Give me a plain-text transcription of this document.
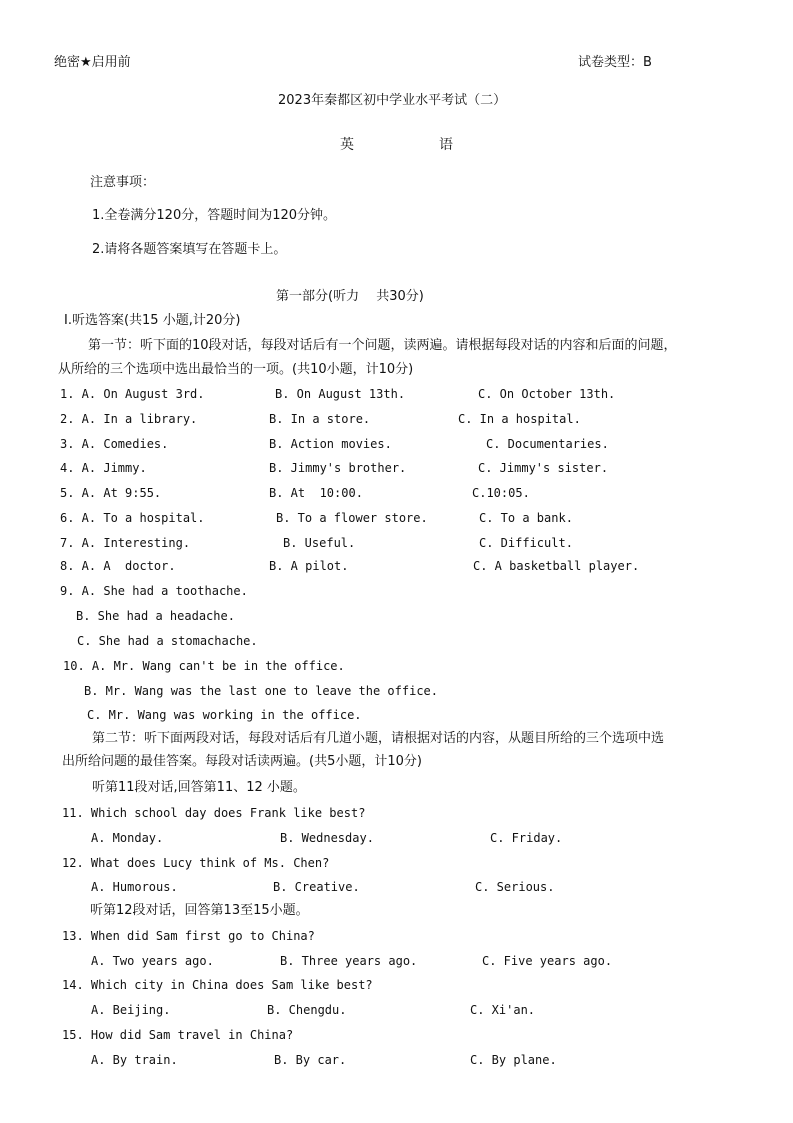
绝密★启用前	试卷类型：B
2023年秦都区初中学业水平考试（二）
英	语
注意事项：
1.全卷满分120分，答题时间为120分钟。
2.请将各题答案填写在答题卡上。
第一部分(听力　 共30分)
Ⅰ.听选答案(共15 小题,计20分)
第一节：听下面的10段对话，每段对话后有一个问题，读两遍。请根据每段对话的内容和后面的问题，
从所给的三个选项中选出最恰当的一项。(共10小题，计10分)
1. A. On August 3rd.	B. On August 13th.	C. On October 13th.
2. A. In a library.	B. In a store.	C. In a hospital.
3. A. Comedies.	B. Action movies.	C. Documentaries.
4. A. Jimmy.	B. Jimmy's brother.	C. Jimmy's sister.
5. A. At 9:55.	B. At  10:00.	C.10:05.
6. A. To a hospital.	B. To a flower store.	C. To a bank.
7. A. Interesting.	B. Useful.	C. Difficult.
8. A. A  doctor.	B. A pilot.	C. A basketball player.
9. A. She had a toothache.
B. She had a headache.
C. She had a stomachache.
10. A. Mr. Wang can't be in the office.
B. Mr. Wang was the last one to leave the office.
C. Mr. Wang was working in the office.
第二节：听下面两段对话，每段对话后有几道小题，请根据对话的内容，从题目所给的三个选项中选
出所给问题的最佳答案。每段对话读两遍。(共5小题，计10分)
听第11段对话,回答第11、12 小题。
11. Which school day does Frank like best?
A. Monday.	B. Wednesday.	C. Friday.
12. What does Lucy think of Ms. Chen?
A. Humorous.	B. Creative.	C. Serious.
听第12段对话，回答第13至15小题。
13. When did Sam first go to China?
A. Two years ago.	B. Three years ago.	C. Five years ago.
14. Which city in China does Sam like best?
A. Beijing.	B. Chengdu.	C. Xi'an.
15. How did Sam travel in China?
A. By train.	B. By car.	C. By plane.
